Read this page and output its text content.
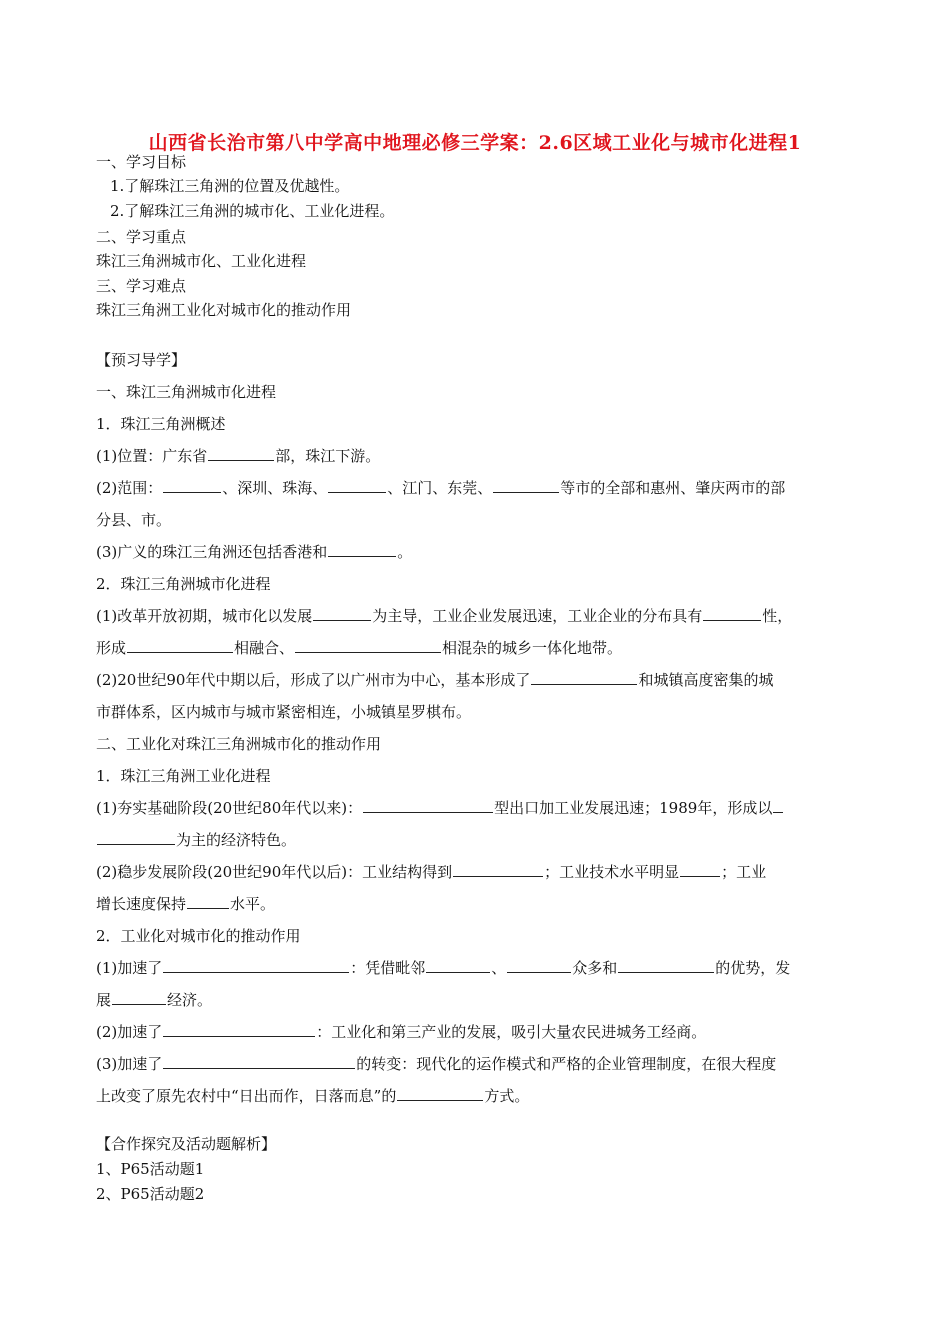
山西省长治市第八中学高中地理必修三学案：2.6区域工业化与城市化进程1
一、学习目标
1.了解珠江三角洲的位置及优越性。
2.了解珠江三角洲的城市化、工业化进程。
二、学习重点
珠江三角洲城市化、工业化进程
三、学习难点
珠江三角洲工业化对城市化的推动作用
【预习导学】
一、珠江三角洲城市化进程
1．珠江三角洲概述
(1)位置：广东省	部，珠江下游。
(2)范围：	、深圳、珠海、	、江门、东莞、	等市的全部和惠州、肇庆两市的部
分县、市。
(3)广义的珠江三角洲还包括香港和	。
2．珠江三角洲城市化进程
(1)改革开放初期，城市化以发展	为主导，工业企业发展迅速，工业企业的分布具有	性，
形成	相融合、	相混杂的城乡一体化地带。
(2)20世纪90年代中期以后，形成了以广州市为中心，基本形成了	和城镇高度密集的城
市群体系，区内城市与城市紧密相连，小城镇星罗棋布。
二、工业化对珠江三角洲城市化的推动作用
1．珠江三角洲工业化进程
(1)夯实基础阶段(20世纪80年代以来)：	型出口加工业发展迅速；1989年，形成以
为主的经济特色。
(2)稳步发展阶段(20世纪90年代以后)：工业结构得到	；工业技术水平明显	；工业
增长速度保持	水平。
2．工业化对城市化的推动作用
(1)加速了	：凭借毗邻	、	众多和	的优势，发
展	经济。
(2)加速了	：工业化和第三产业的发展，吸引大量农民进城务工经商。
(3)加速了	的转变：现代化的运作模式和严格的企业管理制度，在很大程度
上改变了原先农村中“日出而作，日落而息”的	方式。
【合作探究及活动题解析】
1、P65活动题1
2、P65活动题2
